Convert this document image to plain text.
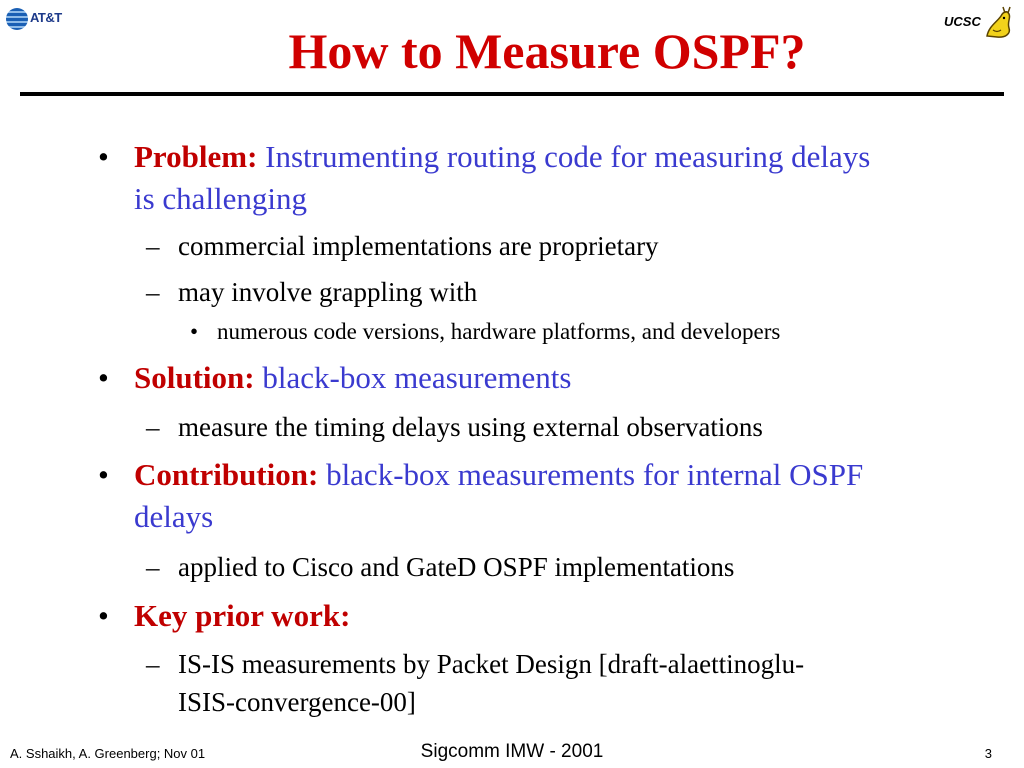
AT&T	UCSC
How to Measure OSPF?
• Problem: Instrumenting routing code for measuring delays is challenging
– commercial implementations are proprietary
– may involve grappling with
• numerous code versions, hardware platforms, and developers
• Solution: black-box measurements
– measure the timing delays using external observations
• Contribution: black-box measurements for internal OSPF delays
– applied to Cisco and GateD OSPF implementations
• Key prior work:
– IS-IS measurements by Packet Design [draft-alaettinoglu-ISIS-convergence-00]
A. Sshaikh, A. Greenberg; Nov 01	Sigcomm IMW - 2001	3
